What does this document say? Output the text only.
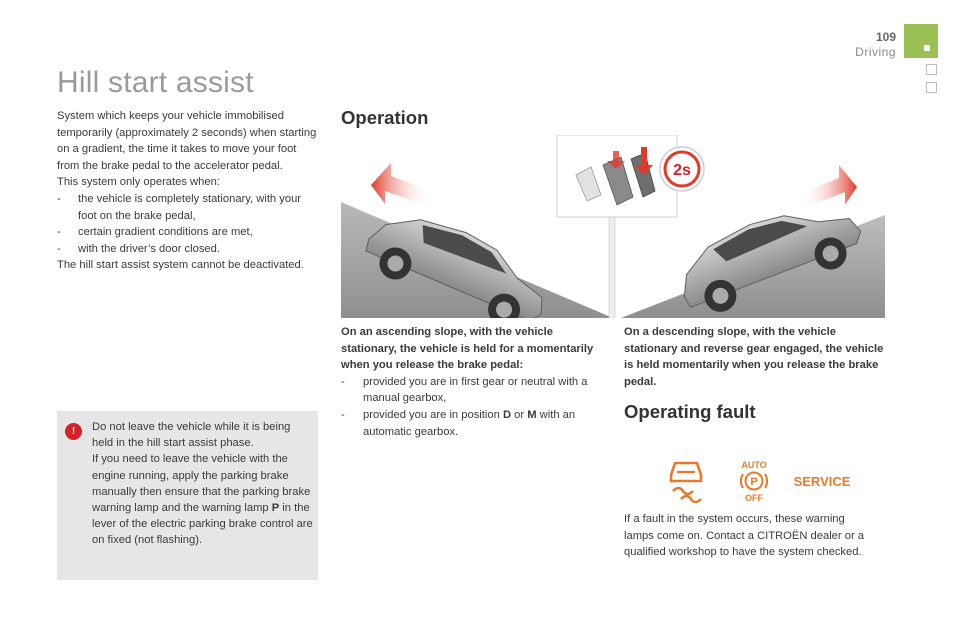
109
Driving
Hill start assist

System which keeps your vehicle immobilised temporarily (approximately 2 seconds) when starting on a gradient, the time it takes to move your foot from the brake pedal to the accelerator pedal.

This system only operates when:

-	the vehicle is completely stationary, with your foot on the brake pedal,
-	certain gradient conditions are met,
-	with the driver’s door closed.

The hill start assist system cannot be deactivated.

Operation
2s

On an ascending slope, with the vehicle stationary, the vehicle is held for a momentarily when you release the brake pedal:

-	provided you are in first gear or neutral with a manual gearbox,
-	provided you are in position D or M with an automatic gearbox.

On a descending slope, with the vehicle stationary and reverse gear engaged, the vehicle is held momentarily when you release the brake pedal.

Operating fault
AUTO
P
OFF
SERVICE
If a fault in the system occurs, these warning lamps come on. Contact a CITROËN dealer or a qualified workshop to have the system checked.
!	Do not leave the vehicle while it is being held in the hill start assist phase.

If you need to leave the vehicle with the engine running, apply the parking brake manually then ensure that the parking brake warning lamp and the warning lamp P in the lever of the electric parking brake control are on fixed (not flashing).
